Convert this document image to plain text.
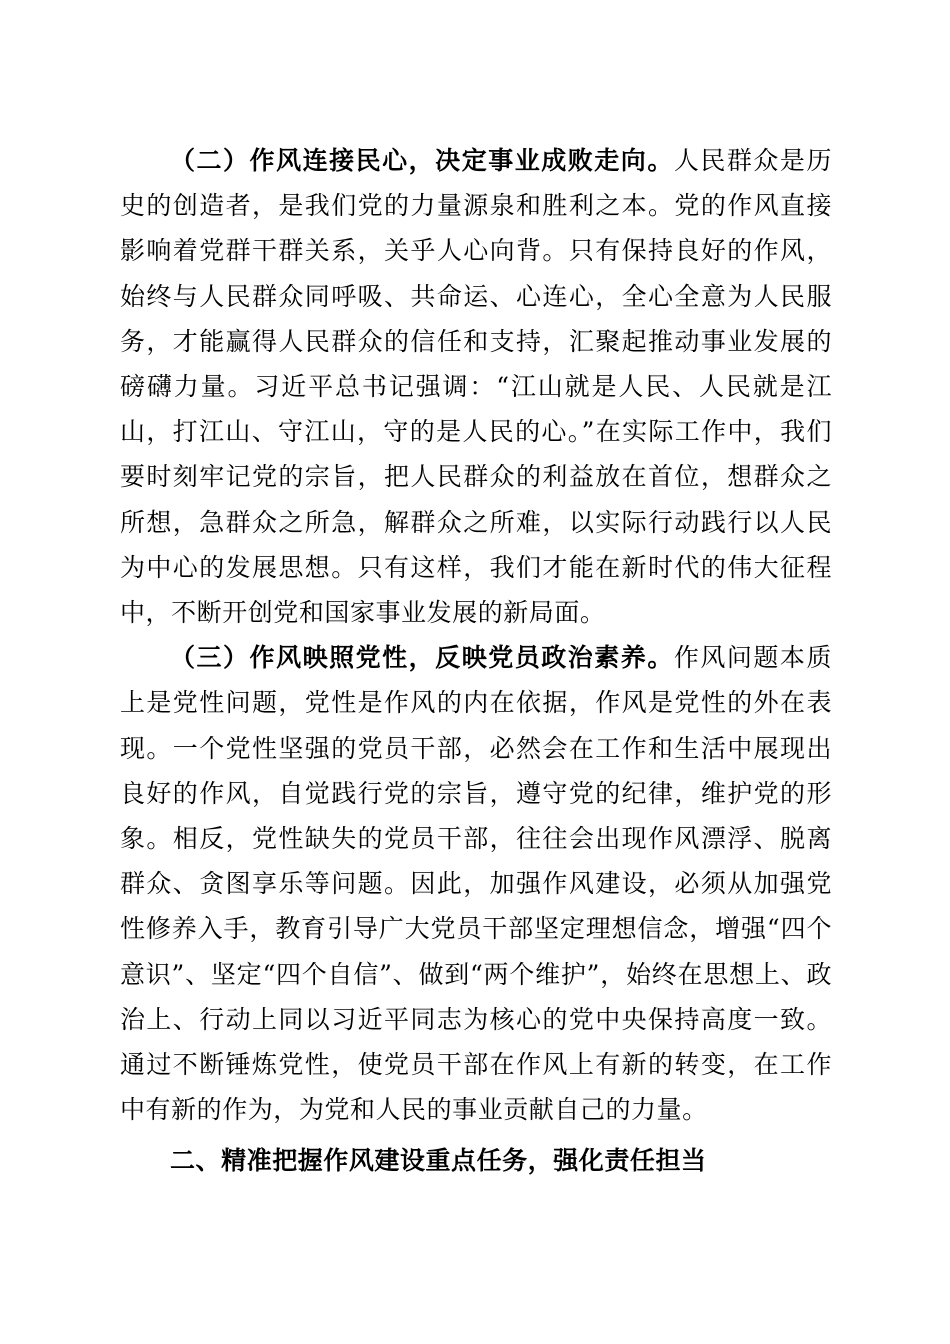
（二）作风连接民心，决定事业成败走向。人民群众是历史的创造者，是我们党的力量源泉和胜利之本。党的作风直接影响着党群干群关系，关乎人心向背。只有保持良好的作风，始终与人民群众同呼吸、共命运、心连心，全心全意为人民服务，才能赢得人民群众的信任和支持，汇聚起推动事业发展的磅礴力量。习近平总书记强调：“江山就是人民、人民就是江山，打江山、守江山，守的是人民的心。”在实际工作中，我们要时刻牢记党的宗旨，把人民群众的利益放在首位，想群众之所想，急群众之所急，解群众之所难，以实际行动践行以人民为中心的发展思想。只有这样，我们才能在新时代的伟大征程中，不断开创党和国家事业发展的新局面。

（三）作风映照党性，反映党员政治素养。作风问题本质上是党性问题，党性是作风的内在依据，作风是党性的外在表现。一个党性坚强的党员干部，必然会在工作和生活中展现出良好的作风，自觉践行党的宗旨，遵守党的纪律，维护党的形象。相反，党性缺失的党员干部，往往会出现作风漂浮、脱离群众、贪图享乐等问题。因此，加强作风建设，必须从加强党性修养入手，教育引导广大党员干部坚定理想信念，增强“四个意识”、坚定“四个自信”、做到“两个维护”，始终在思想上、政治上、行动上同以习近平同志为核心的党中央保持高度一致。通过不断锤炼党性，使党员干部在作风上有新的转变，在工作中有新的作为，为党和人民的事业贡献自己的力量。

二、精准把握作风建设重点任务，强化责任担当
